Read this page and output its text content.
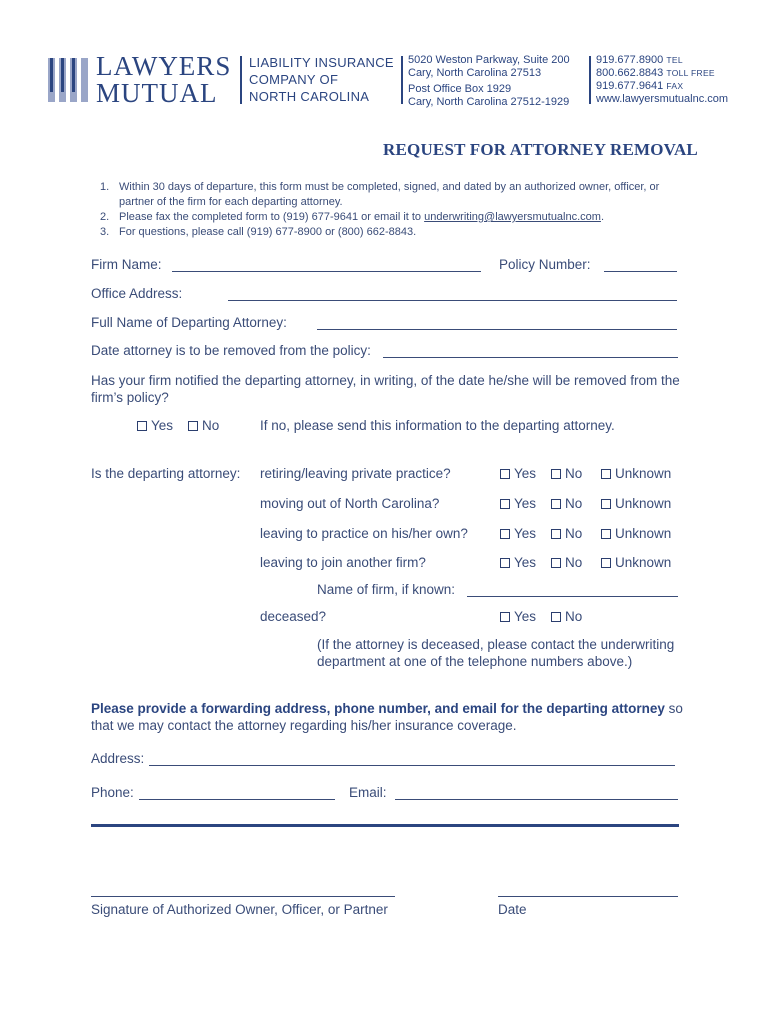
LAWYERS
MUTUAL
LIABILITY INSURANCE
COMPANY OF
NORTH CAROLINA
5020 Weston Parkway, Suite 200
Cary, North Carolina 27513
Post Office Box 1929
Cary, North Carolina 27512-1929
919.677.8900 TEL
800.662.8843 TOLL FREE
919.677.9641 FAX
www.lawyersmutualnc.com
REQUEST FOR ATTORNEY REMOVAL
1. Within 30 days of departure, this form must be completed, signed, and dated by an authorized owner, officer, or partner of the firm for each departing attorney.
2. Please fax the completed form to (919) 677-9641 or email it to underwriting@lawyersmutualnc.com.
3. For questions, please call (919) 677-8900 or (800) 662-8843.
Firm Name:	Policy Number:
Office Address:
Full Name of Departing Attorney:
Date attorney is to be removed from the policy:
Has your firm notified the departing attorney, in writing, of the date he/she will be removed from the firm’s policy?
Yes	No	If no, please send this information to the departing attorney.
Is the departing attorney: retiring/leaving private practice?	Yes	No	Unknown
moving out of North Carolina?	Yes	No	Unknown
leaving to practice on his/her own?	Yes	No	Unknown
leaving to join another firm?	Yes	No	Unknown
Name of firm, if known:
deceased?	Yes	No
(If the attorney is deceased, please contact the underwriting
department at one of the telephone numbers above.)
Please provide a forwarding address, phone number, and email for the departing attorney so that we may contact the attorney regarding his/her insurance coverage.
Address:
Phone:	Email:
Signature of Authorized Owner, Officer, or Partner	Date
